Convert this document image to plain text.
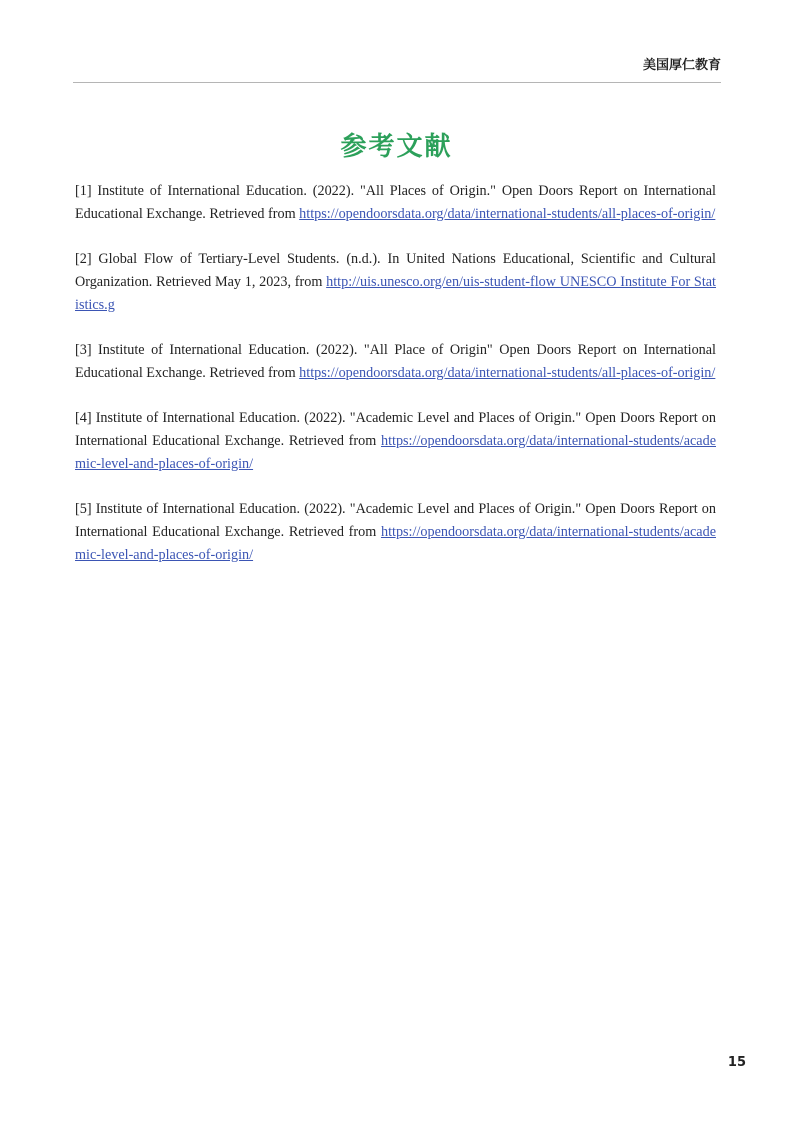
美国厚仁教育
参考文献

[1] Institute of International Education. (2022). "All Places of Origin." Open Doors Report on International Educational Exchange. Retrieved from https://opendoorsdata.org/data/international-students/all-places-of-origin/

[2] Global Flow of Tertiary-Level Students. (n.d.). In United Nations Educational, Scientific and Cultural Organization. Retrieved May 1, 2023, from http://uis.unesco.org/en/uis-student-flow UNESCO Institute For Statistics.g

[3] Institute of International Education. (2022). "All Place of Origin" Open Doors Report on International Educational Exchange. Retrieved from https://opendoorsdata.org/data/international-students/all-places-of-origin/

[4] Institute of International Education. (2022). "Academic Level and Places of Origin." Open Doors Report on International Educational Exchange. Retrieved from https://opendoorsdata.org/data/international-students/academic-level-and-places-of-origin/

[5] Institute of International Education. (2022). "Academic Level and Places of Origin." Open Doors Report on International Educational Exchange. Retrieved from https://opendoorsdata.org/data/international-students/academic-level-and-places-of-origin/

15
